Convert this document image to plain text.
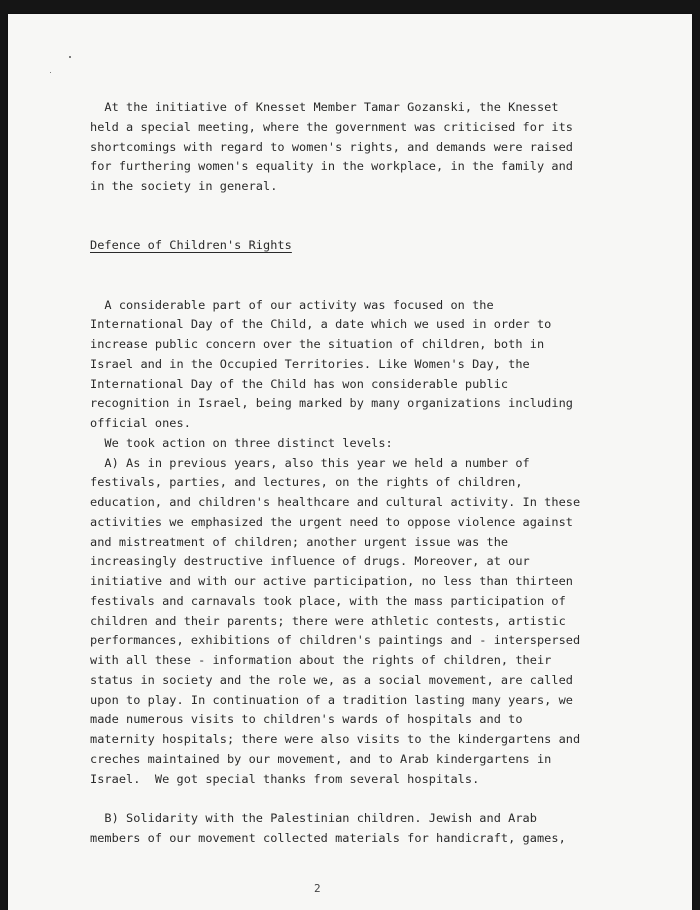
At the initiative of Knesset Member Tamar Gozanski, the Knesset
held a special meeting, where the government was criticised for its
shortcomings with regard to women's rights, and demands were raised
for furthering women's equality in the workplace, in the family and
in the society in general.
Defence of Children's Rights
A considerable part of our activity was focused on the
International Day of the Child, a date which we used in order to
increase public concern over the situation of children, both in
Israel and in the Occupied Territories. Like Women's Day, the
International Day of the Child has won considerable public
recognition in Israel, being marked by many organizations including
official ones.
We took action on three distinct levels:
A) As in previous years, also this year we held a number of
festivals, parties, and lectures, on the rights of children,
education, and children's healthcare and cultural activity. In these
activities we emphasized the urgent need to oppose violence against
and mistreatment of children; another urgent issue was the
increasingly destructive influence of drugs. Moreover, at our
initiative and with our active participation, no less than thirteen
festivals and carnavals took place, with the mass participation of
children and their parents; there were athletic contests, artistic
performances, exhibitions of children's paintings and - interspersed
with all these - information about the rights of children, their
status in society and the role we, as a social movement, are called
upon to play. In continuation of a tradition lasting many years, we
made numerous visits to children's wards of hospitals and to
maternity hospitals; there were also visits to the kindergartens and
creches maintained by our movement, and to Arab kindergartens in
Israel.  We got special thanks from several hospitals.
B) Solidarity with the Palestinian children. Jewish and Arab
members of our movement collected materials for handicraft, games,
2
